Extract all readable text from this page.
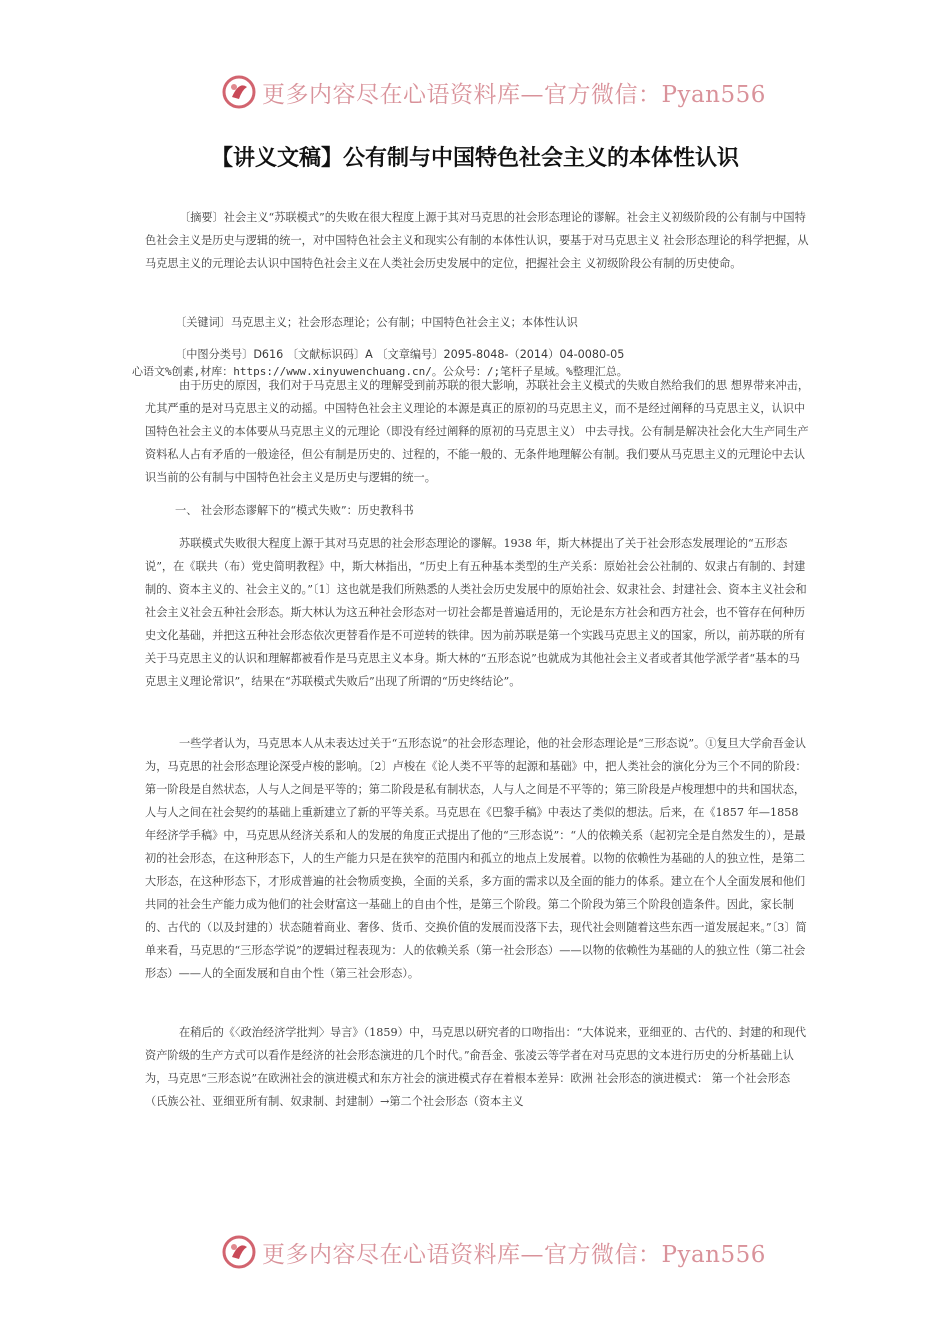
更多内容尽在心语资料库—官方微信：Pyan556
【讲义文稿】公有制与中国特色社会主义的本体性认识

〔摘要〕社会主义“苏联模式”的失败在很大程度上源于其对马克思的社会形态理论的谬解。社会主义初级阶段的公有制与中国特色社会主义是历史与逻辑的统一，对中国特色社会主义和现实公有制的本体性认识，要基于对马克思主义 社会形态理论的科学把握，从马克思主义的元理论去认识中国特色社会主义在人类社会历史发展中的定位，把握社会主 义初级阶段公有制的历史使命。

〔关键词〕马克思主义；社会形态理论；公有制；中国特色社会主义；本体性认识
〔中图分类号〕D616 〔文献标识码〕A 〔文章编号〕2095-8048-（2014）04-0080-05
心语文%创素,材库：https://www.xinyuwenchuang.cn/。公众号：/;笔杆子星域。%整理汇总。

由于历史的原因，我们对于马克思主义的理解受到前苏联的很大影响，苏联社会主义模式的失败自然给我们的思 想界带来冲击，尤其严重的是对马克思主义的动摇。中国特色社会主义理论的本源是真正的原初的马克思主义，而不是经过阐释的马克思主义，认识中国特色社会主义的本体要从马克思主义的元理论（即没有经过阐释的原初的马克思主义） 中去寻找。公有制是解决社会化大生产同生产资料私人占有矛盾的一般途径，但公有制是历史的、过程的，不能一般的、无条件地理解公有制。我们要从马克思主义的元理论中去认识当前的公有制与中国特色社会主义是历史与逻辑的统一。

一、 社会形态谬解下的“模式失败”：历史教科书

苏联模式失败很大程度上源于其对马克思的社会形态理论的谬解。1938 年，斯大林提出了关于社会形态发展理论的“五形态说”，在《联共（布）党史简明教程》中，斯大林指出，“历史上有五种基本类型的生产关系：原始社会公社制的、奴隶占有制的、封建制的、资本主义的、社会主义的。”〔1〕这也就是我们所熟悉的人类社会历史发展中的原始社会、奴隶社会、封建社会、资本主义社会和社会主义社会五种社会形态。斯大林认为这五种社会形态对一切社会都是普遍适用的，无论是东方社会和西方社会，也不管存在何种历史文化基础，并把这五种社会形态依次更替看作是不可逆转的铁律。因为前苏联是第一个实践马克思主义的国家，所以，前苏联的所有关于马克思主义的认识和理解都被看作是马克思主义本身。斯大林的“五形态说”也就成为其他社会主义者或者其他学派学者“基本的马克思主义理论常识”，结果在“苏联模式失败后”出现了所谓的“历史终结论”。

一些学者认为，马克思本人从未表达过关于“五形态说”的社会形态理论，他的社会形态理论是“三形态说”。①复旦大学俞吾金认为，马克思的社会形态理论深受卢梭的影响。〔2〕卢梭在《论人类不平等的起源和基础》中，把人类社会的演化分为三个不同的阶段：第一阶段是自然状态，人与人之间是平等的；第二阶段是私有制状态，人与人之间是不平等的；第三阶段是卢梭理想中的共和国状态，人与人之间在社会契约的基础上重新建立了新的平等关系。马克思在《巴黎手稿》中表达了类似的想法。后来，在《1857 年—1858 年经济学手稿》中，马克思从经济关系和人的发展的角度正式提出了他的“三形态说”：“人的依赖关系（起初完全是自然发生的），是最初的社会形态，在这种形态下，人的生产能力只是在狭窄的范围内和孤立的地点上发展着。以物的依赖性为基础的人的独立性，是第二大形态，在这种形态下，才形成普遍的社会物质变换，全面的关系，多方面的需求以及全面的能力的体系。建立在个人全面发展和他们共同的社会生产能力成为他们的社会财富这一基础上的自由个性，是第三个阶段。第二个阶段为第三个阶段创造条件。因此，家长制的、古代的（以及封建的）状态随着商业、奢侈、货币、交换价值的发展而没落下去，现代社会则随着这些东西一道发展起来。”〔3〕简单来看，马克思的“三形态学说”的逻辑过程表现为：人的依赖关系（第一社会形态）——以物的依赖性为基础的人的独立性（第二社会形态）——人的全面发展和自由个性（第三社会形态）。

在稍后的《〈政治经济学批判〉导言》（1859）中，马克思以研究者的口吻指出：“大体说来，亚细亚的、古代的、封建的和现代资产阶级的生产方式可以看作是经济的社会形态演进的几个时代。”俞吾金、张凌云等学者在对马克思的文本进行历史的分析基础上认为，马克思“三形态说”在欧洲社会的演进模式和东方社会的演进模式存在着根本差异：欧洲 社会形态的演进模式： 第一个社会形态（氏族公社、亚细亚所有制、奴隶制、封建制）→第二个社会形态（资本主义

更多内容尽在心语资料库—官方微信：Pyan556
